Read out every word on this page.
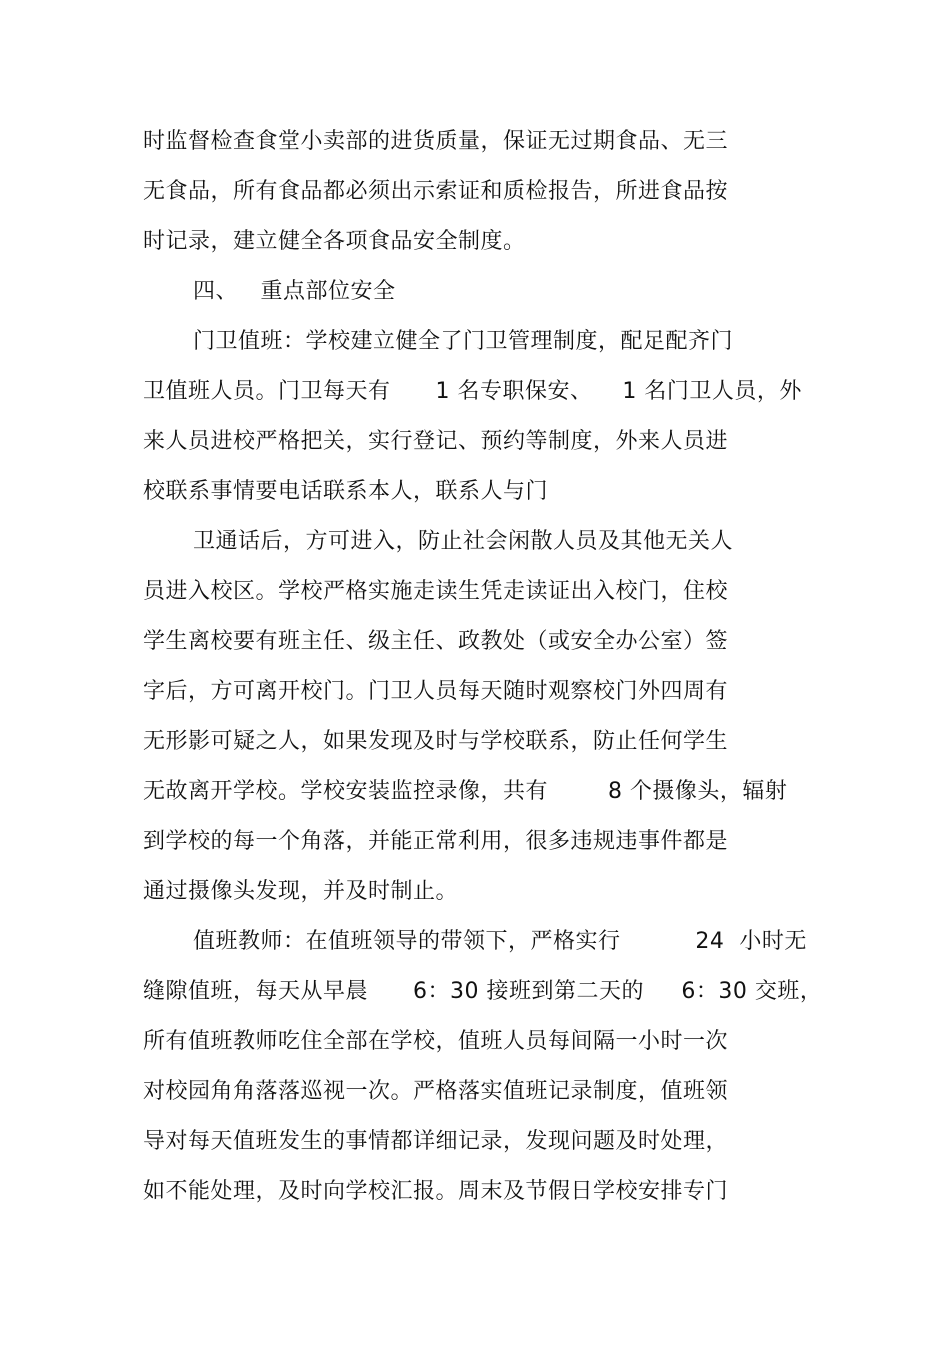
时监督检查食堂小卖部的进货质量，保证无过期食品、无三
无食品，所有食品都必须出示索证和质检报告，所进食品按
时记录，建立健全各项食品安全制度。
四、   重点部位安全
门卫值班：学校建立健全了门卫管理制度，配足配齐门
卫值班人员。门卫每天有      1 名专职保安、    1 名门卫人员，外
来人员进校严格把关，实行登记、预约等制度，外来人员进
校联系事情要电话联系本人，联系人与门
卫通话后，方可进入，防止社会闲散人员及其他无关人
员进入校区。学校严格实施走读生凭走读证出入校门，住校
学生离校要有班主任、级主任、政教处（或安全办公室）签
字后，方可离开校门。门卫人员每天随时观察校门外四周有
无形影可疑之人，如果发现及时与学校联系，防止任何学生
无故离开学校。学校安装监控录像，共有        8 个摄像头，辐射
到学校的每一个角落，并能正常利用，很多违规违事件都是
通过摄像头发现，并及时制止。
值班教师：在值班领导的带领下，严格实行          24  小时无
缝隙值班，每天从早晨      6：30 接班到第二天的     6：30 交班，
所有值班教师吃住全部在学校，值班人员每间隔一小时一次
对校园角角落落巡视一次。严格落实值班记录制度，值班领
导对每天值班发生的事情都详细记录，发现问题及时处理，
如不能处理，及时向学校汇报。周末及节假日学校安排专门
